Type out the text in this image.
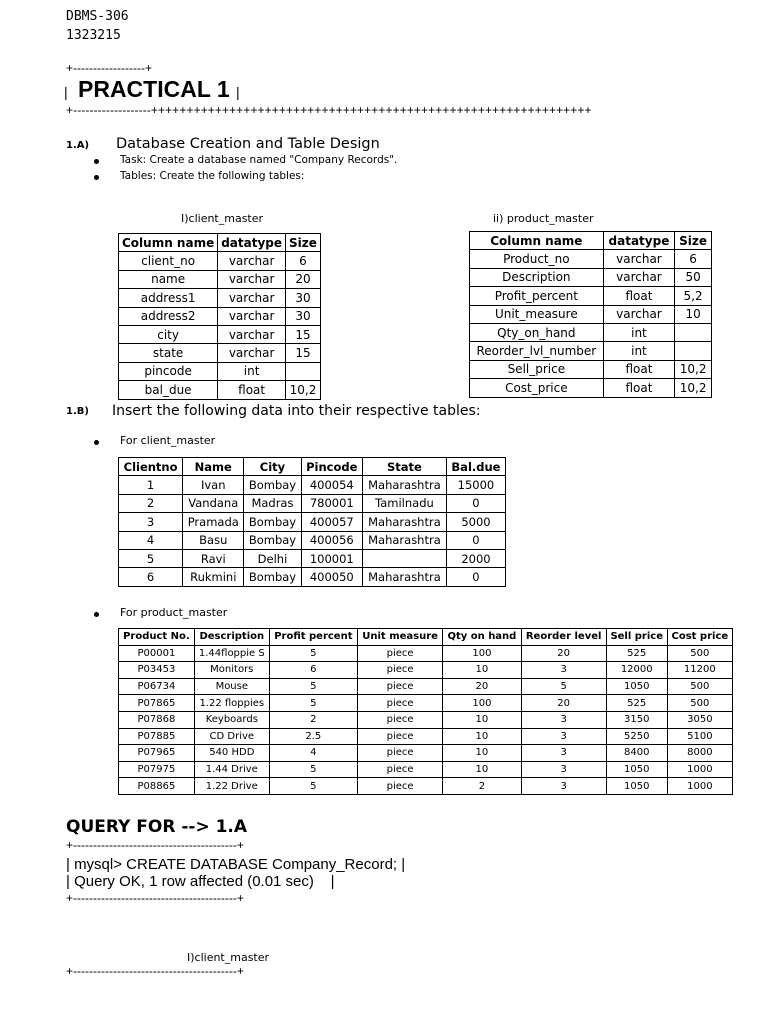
DBMS-306
1323215
+------------------+
| PRACTICAL 1 |
+-------------------++++++++++++++++++++++++++++++++++++++++++++++++++++++++++++++
1.A) Database Creation and Table Design
Task: Create a database named "Company Records".
Tables: Create the following tables:
I)client_master
Column name	datatype	Size
client_no	varchar	6
name	varchar	20
address1	varchar	30
address2	varchar	30
city	varchar	15
state	varchar	15
pincode	int	
bal_due	float	10,2
ii) product_master
Column name	datatype	Size
Product_no	varchar	6
Description	varchar	50
Profit_percent	float	5,2
Unit_measure	varchar	10
Qty_on_hand	int	
Reorder_lvl_number	int	
Sell_price	float	10,2
Cost_price	float	10,2
1.B) Insert the following data into their respective tables:
For client_master
Clientno	Name	City	Pincode	State	Bal.due
1	Ivan	Bombay	400054	Maharashtra	15000
2	Vandana	Madras	780001	Tamilnadu	0
3	Pramada	Bombay	400057	Maharashtra	5000
4	Basu	Bombay	400056	Maharashtra	0
5	Ravi	Delhi	100001		2000
6	Rukmini	Bombay	400050	Maharashtra	0
For product_master
Product No.	Description	Profit percent	Unit measure	Qty on hand	Reorder level	Sell price	Cost price
P00001	1.44floppie S	5	piece	100	20	525	500
P03453	Monitors	6	piece	10	3	12000	11200
P06734	Mouse	5	piece	20	5	1050	500
P07865	1.22 floppies	5	piece	100	20	525	500
P07868	Keyboards	2	piece	10	3	3150	3050
P07885	CD Drive	2.5	piece	10	3	5250	5100
P07965	540 HDD	4	piece	10	3	8400	8000
P07975	1.44 Drive	5	piece	10	3	1050	1000
P08865	1.22 Drive	5	piece	2	3	1050	1000
QUERY FOR --> 1.A
+-----------------------------------------+
| mysql> CREATE DATABASE Company_Record; |
| Query OK, 1 row affected (0.01 sec)    |
+-----------------------------------------+
I)client_master
+-----------------------------------------+
